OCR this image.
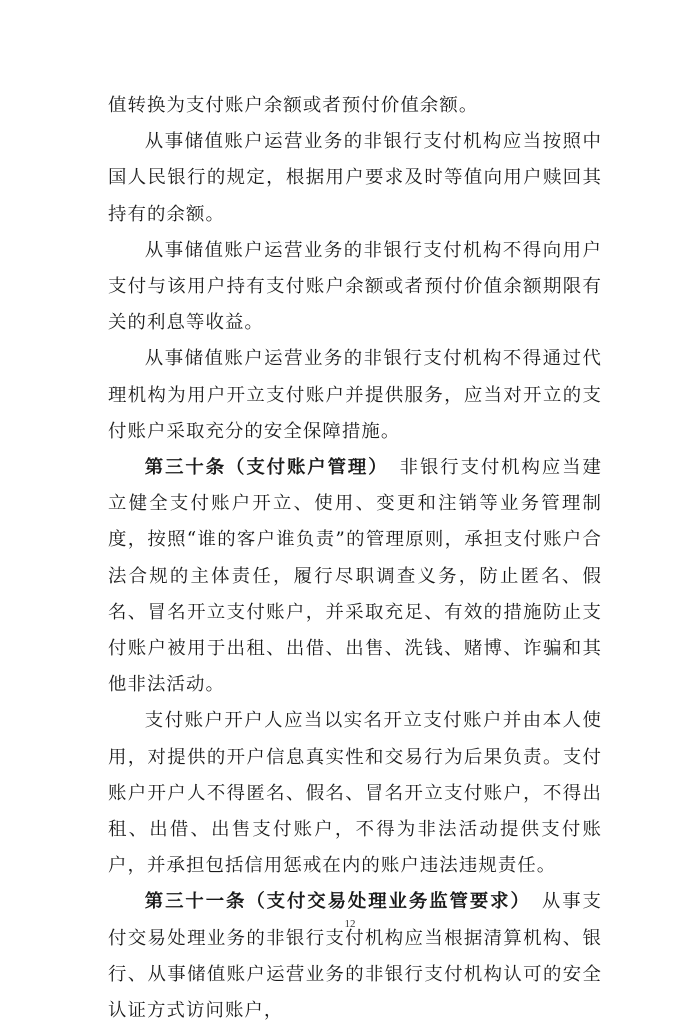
值转换为支付账户余额或者预付价值余额。

从事储值账户运营业务的非银行支付机构应当按照中国人民银行的规定，根据用户要求及时等值向用户赎回其持有的余额。

从事储值账户运营业务的非银行支付机构不得向用户支付与该用户持有支付账户余额或者预付价值余额期限有关的利息等收益。

从事储值账户运营业务的非银行支付机构不得通过代理机构为用户开立支付账户并提供服务，应当对开立的支付账户采取充分的安全保障措施。

第三十条（支付账户管理）　非银行支付机构应当建立健全支付账户开立、使用、变更和注销等业务管理制度，按照“谁的客户谁负责”的管理原则，承担支付账户合法合规的主体责任，履行尽职调查义务，防止匿名、假名、冒名开立支付账户，并采取充足、有效的措施防止支付账户被用于出租、出借、出售、洗钱、赌博、诈骗和其他非法活动。

支付账户开户人应当以实名开立支付账户并由本人使用，对提供的开户信息真实性和交易行为后果负责。支付账户开户人不得匿名、假名、冒名开立支付账户，不得出租、出借、出售支付账户，不得为非法活动提供支付账户，并承担包括信用惩戒在内的账户违法违规责任。

第三十一条（支付交易处理业务监管要求）　从事支付交易处理业务的非银行支付机构应当根据清算机构、银行、从事储值账户运营业务的非银行支付机构认可的安全认证方式访问账户，

12
